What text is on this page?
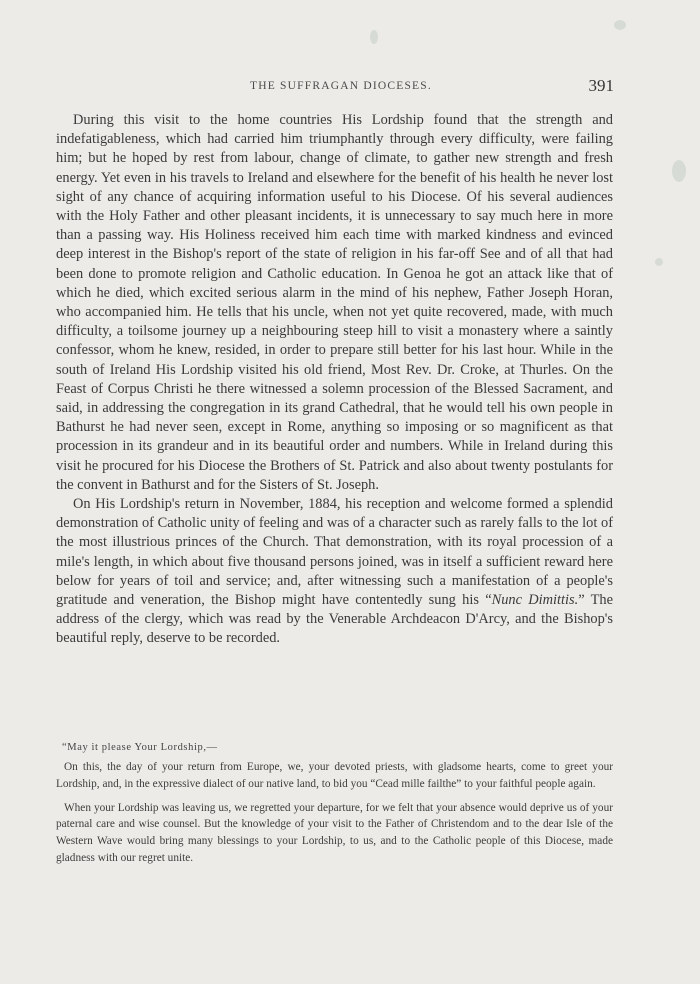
THE SUFFRAGAN DIOCESES.	391

During this visit to the home countries His Lordship found that the strength and indefatigableness, which had carried him triumphantly through every difficulty, were failing him; but he hoped by rest from labour, change of climate, to gather new strength and fresh energy. Yet even in his travels to Ireland and elsewhere for the benefit of his health he never lost sight of any chance of acquiring information useful to his Diocese. Of his several audiences with the Holy Father and other pleasant incidents, it is unnecessary to say much here in more than a passing way. His Holiness received him each time with marked kindness and evinced deep interest in the Bishop's report of the state of religion in his far-off See and of all that had been done to promote religion and Catholic education. In Genoa he got an attack like that of which he died, which excited serious alarm in the mind of his nephew, Father Joseph Horan, who accompanied him. He tells that his uncle, when not yet quite recovered, made, with much difficulty, a toilsome journey up a neighbouring steep hill to visit a monastery where a saintly confessor, whom he knew, resided, in order to prepare still better for his last hour. While in the south of Ireland His Lordship visited his old friend, Most Rev. Dr. Croke, at Thurles. On the Feast of Corpus Christi he there witnessed a solemn procession of the Blessed Sacrament, and said, in addressing the congregation in its grand Cathedral, that he would tell his own people in Bathurst he had never seen, except in Rome, anything so imposing or so magnificent as that procession in its grandeur and in its beautiful order and numbers. While in Ireland during this visit he procured for his Diocese the Brothers of St. Patrick and also about twenty postulants for the convent in Bathurst and for the Sisters of St. Joseph.

On His Lordship's return in November, 1884, his reception and welcome formed a splendid demonstration of Catholic unity of feeling and was of a character such as rarely falls to the lot of the most illustrious princes of the Church. That demonstration, with its royal procession of a mile's length, in which about five thousand persons joined, was in itself a sufficient reward here below for years of toil and service; and, after witnessing such a manifestation of a people's gratitude and veneration, the Bishop might have contentedly sung his “Nunc Dimittis.” The address of the clergy, which was read by the Venerable Archdeacon D'Arcy, and the Bishop's beautiful reply, deserve to be recorded.

“May it please Your Lordship,—

On this, the day of your return from Europe, we, your devoted priests, with gladsome hearts, come to greet your Lordship, and, in the expressive dialect of our native land, to bid you “Cead mille failthe” to your faithful people again.

When your Lordship was leaving us, we regretted your departure, for we felt that your absence would deprive us of your paternal care and wise counsel. But the knowledge of your visit to the Father of Christendom and to the dear Isle of the Western Wave would bring many blessings to your Lordship, to us, and to the Catholic people of this Diocese, made gladness with our regret unite.
